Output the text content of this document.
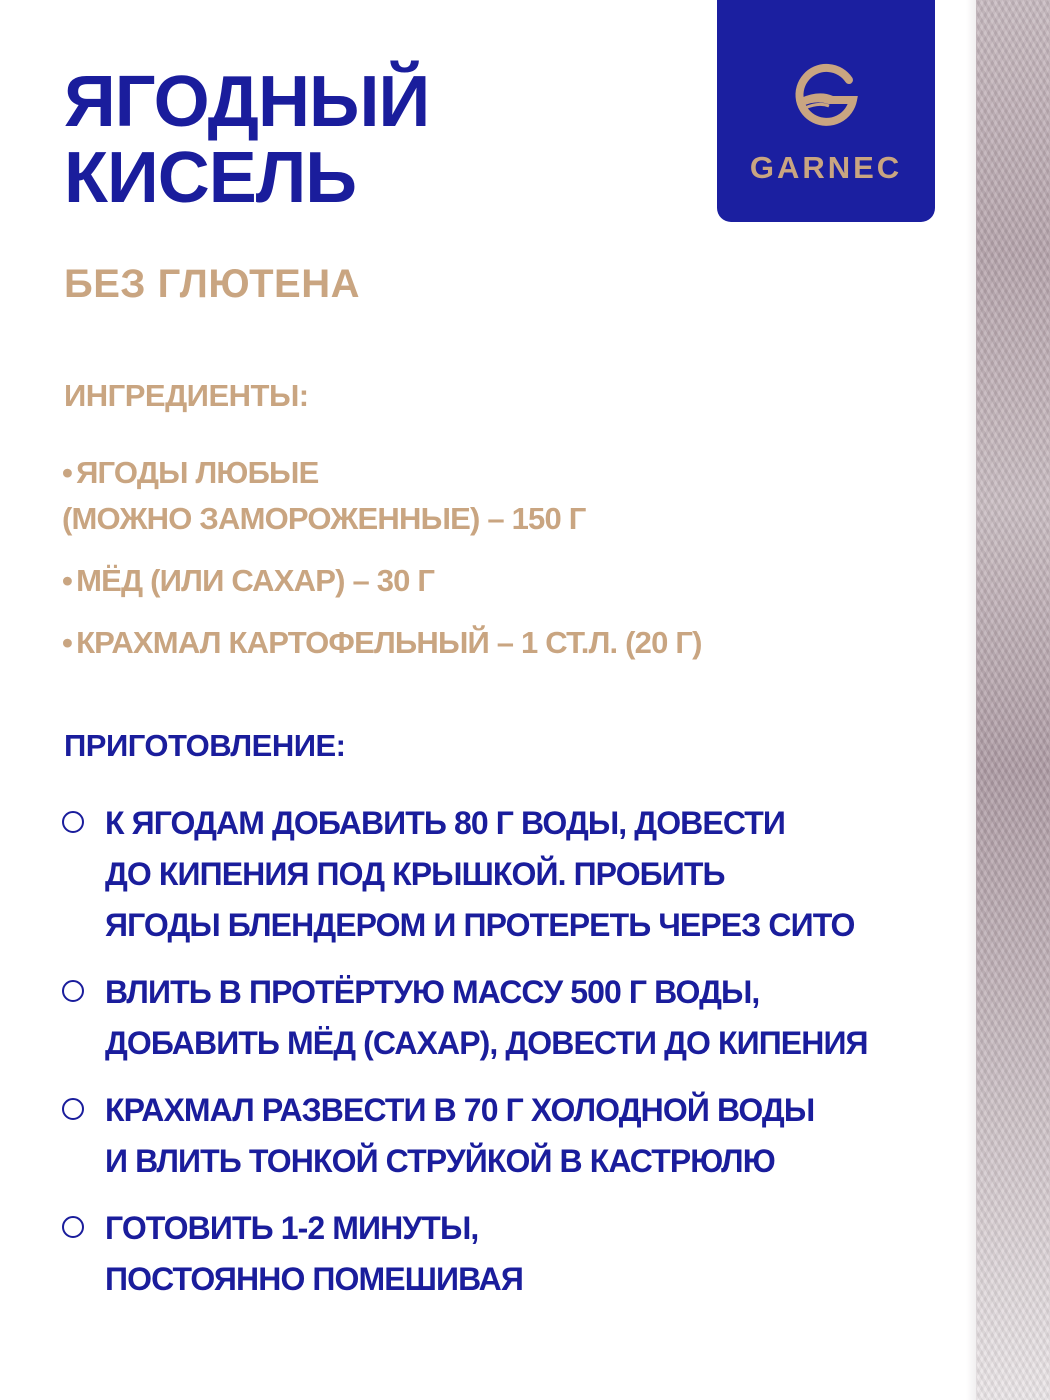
GARNEC
ЯГОДНЫЙ
КИСЕЛЬ

БЕЗ ГЛЮТЕНА

ИНГРЕДИЕНТЫ:
• ЯГОДЫ ЛЮБЫЕ
(МОЖНО ЗАМОРОЖЕННЫЕ) – 150 Г
• МЁД (ИЛИ САХАР) – 30 Г
• КРАХМАЛ КАРТОФЕЛЬНЫЙ – 1 СТ.Л. (20 Г)
ПРИГОТОВЛЕНИЕ:
К ЯГОДАМ ДОБАВИТЬ 80 Г ВОДЫ, ДОВЕСТИ
ДО КИПЕНИЯ ПОД КРЫШКОЙ. ПРОБИТЬ
ЯГОДЫ БЛЕНДЕРОМ И ПРОТЕРЕТЬ ЧЕРЕЗ СИТО
ВЛИТЬ В ПРОТЁРТУЮ МАССУ 500 Г ВОДЫ,
ДОБАВИТЬ МЁД (САХАР), ДОВЕСТИ ДО КИПЕНИЯ
КРАХМАЛ РАЗВЕСТИ В 70 Г ХОЛОДНОЙ ВОДЫ
И ВЛИТЬ ТОНКОЙ СТРУЙКОЙ В КАСТРЮЛЮ
ГОТОВИТЬ 1-2 МИНУТЫ,
ПОСТОЯННО ПОМЕШИВАЯ
